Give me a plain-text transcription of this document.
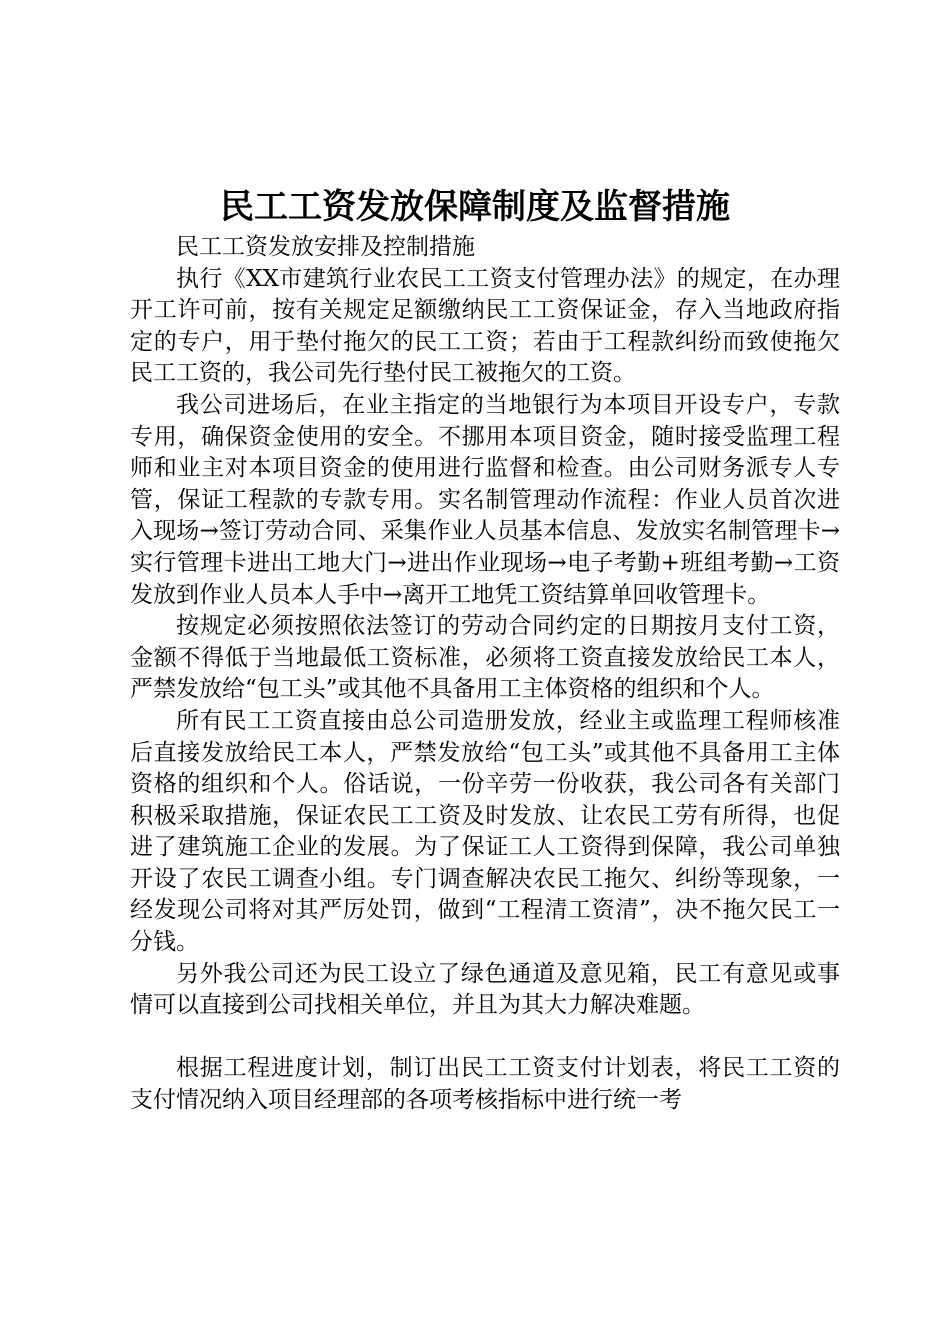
民工工资发放保障制度及监督措施

民工工资发放安排及控制措施

执行《XX市建筑行业农民工工资支付管理办法》的规定，在办理开工许可前，按有关规定足额缴纳民工工资保证金，存入当地政府指定的专户，用于垫付拖欠的民工工资；若由于工程款纠纷而致使拖欠民工工资的，我公司先行垫付民工被拖欠的工资。

我公司进场后，在业主指定的当地银行为本项目开设专户，专款专用，确保资金使用的安全。不挪用本项目资金，随时接受监理工程师和业主对本项目资金的使用进行监督和检查。由公司财务派专人专管，保证工程款的专款专用。实名制管理动作流程：作业人员首次进入现场→签订劳动合同、采集作业人员基本信息、发放实名制管理卡→实行管理卡进出工地大门→进出作业现场→电子考勤+班组考勤→工资发放到作业人员本人手中→离开工地凭工资结算单回收管理卡。

按规定必须按照依法签订的劳动合同约定的日期按月支付工资，金额不得低于当地最低工资标准，必须将工资直接发放给民工本人，严禁发放给“包工头”或其他不具备用工主体资格的组织和个人。

所有民工工资直接由总公司造册发放，经业主或监理工程师核准后直接发放给民工本人，严禁发放给“包工头”或其他不具备用工主体资格的组织和个人。俗话说，一份辛劳一份收获，我公司各有关部门积极采取措施，保证农民工工资及时发放、让农民工劳有所得，也促进了建筑施工企业的发展。为了保证工人工资得到保障，我公司单独开设了农民工调查小组。专门调查解决农民工拖欠、纠纷等现象，一经发现公司将对其严厉处罚，做到“工程清工资清”，决不拖欠民工一分钱。

另外我公司还为民工设立了绿色通道及意见箱，民工有意见或事情可以直接到公司找相关单位，并且为其大力解决难题。

根据工程进度计划，制订出民工工资支付计划表，将民工工资的支付情况纳入项目经理部的各项考核指标中进行统一考
